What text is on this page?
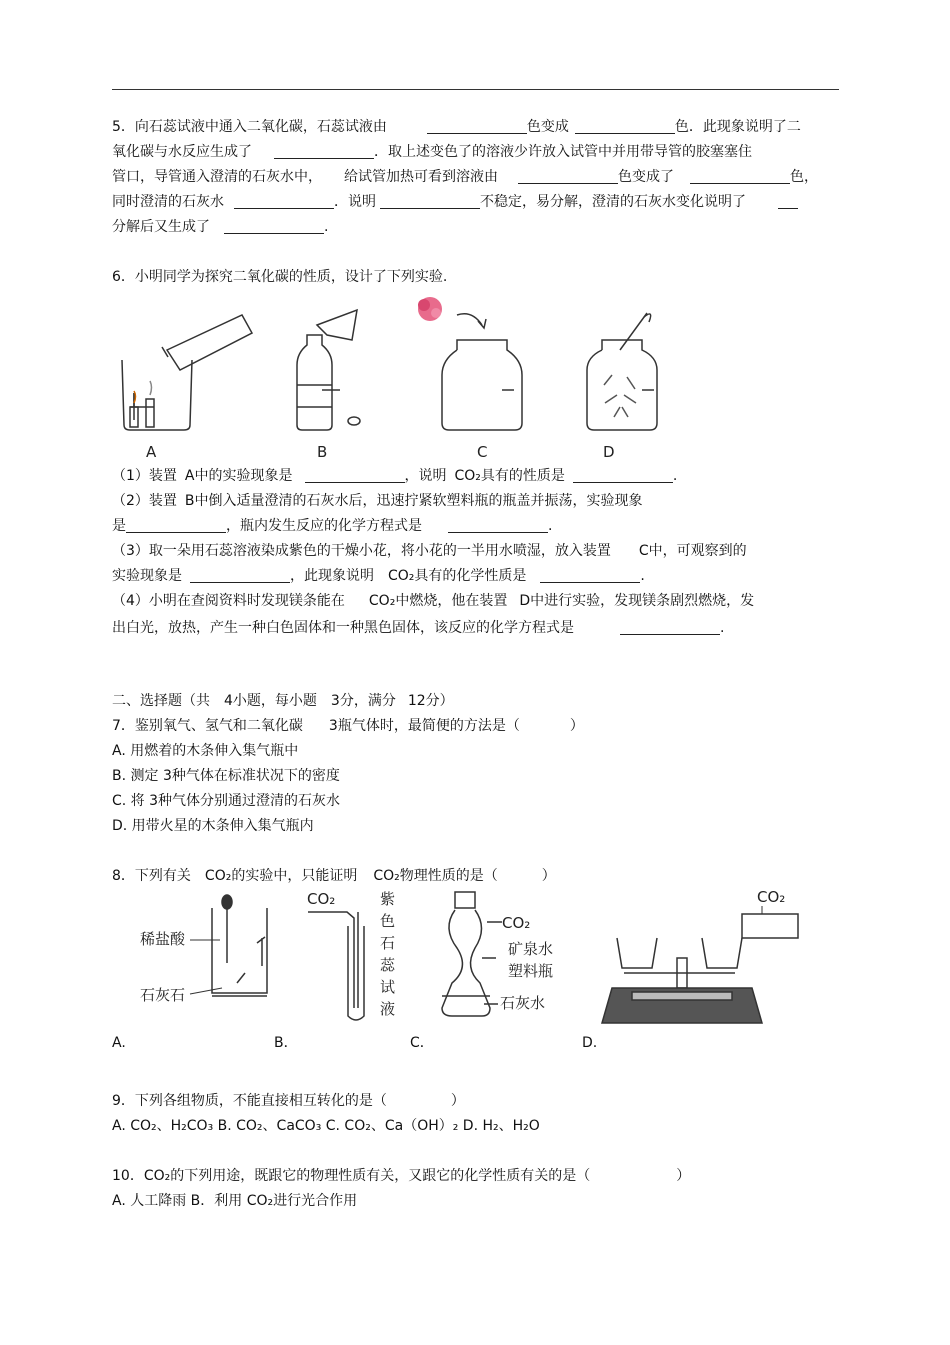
5．向石蕊试液中通入二氧化碳，石蕊试液由	色变成	色．此现象说明了二
氧化碳与水反应生成了	．取上述变色了的溶液少许放入试管中并用带导管的胶塞塞住
管口，导管通入澄清的石灰水中， 给试管加热可看到溶液由	色变成了	色，
同时澄清的石灰水	．说明	不稳定，易分解，澄清的石灰水变化说明了
分解后又生成了	.
6．小明同学为探究二氧化碳的性质，设计了下列实验.
A	B	C	D
（1）装置 A中的实验现象是	，说明 CO₂具有的性质是	.
（2）装置 B中倒入适量澄清的石灰水后，迅速拧紧软塑料瓶的瓶盖并振荡，实验现象
是	，瓶内发生反应的化学方程式是	.
（3）取一朵用石蕊溶液染成紫色的干燥小花，将小花的一半用水喷湿，放入装置 C中，可观察到的
实验现象是	，此现象说明 CO₂具有的化学性质是	.
（4）小明在查阅资料时发现镁条能在 CO₂中燃烧，他在装置 D中进行实验，发现镁条剧烈燃烧，发
出白光，放热，产生一种白色固体和一种黑色固体，该反应的化学方程式是	.
二、选择题（共 4小题，每小题 3分，满分 12分）
7．鉴别氧气、氢气和二氧化碳 3瓶气体时，最简便的方法是（	）
A. 用燃着的木条伸入集气瓶中
B. 测定 3种气体在标准状况下的密度
C. 将 3种气体分别通过澄清的石灰水
D. 用带火星的木条伸入集气瓶内
8．下列有关 CO₂的实验中，只能证明 CO₂物理性质的是（	）
稀盐酸
石灰石
CO₂	紫
色
石
蕊
试
液
CO₂
矿泉水
塑料瓶
石灰水
CO₂
A.	B．	C．	D.
9．下列各组物质，不能直接相互转化的是（	）
A. CO₂、H₂CO₃ B. CO₂、CaCO₃ C. CO₂、Ca（OH）₂ D. H₂、H₂O
10．CO₂的下列用途，既跟它的物理性质有关，又跟它的化学性质有关的是（	）
A. 人工降雨 B．利用 CO₂进行光合作用
